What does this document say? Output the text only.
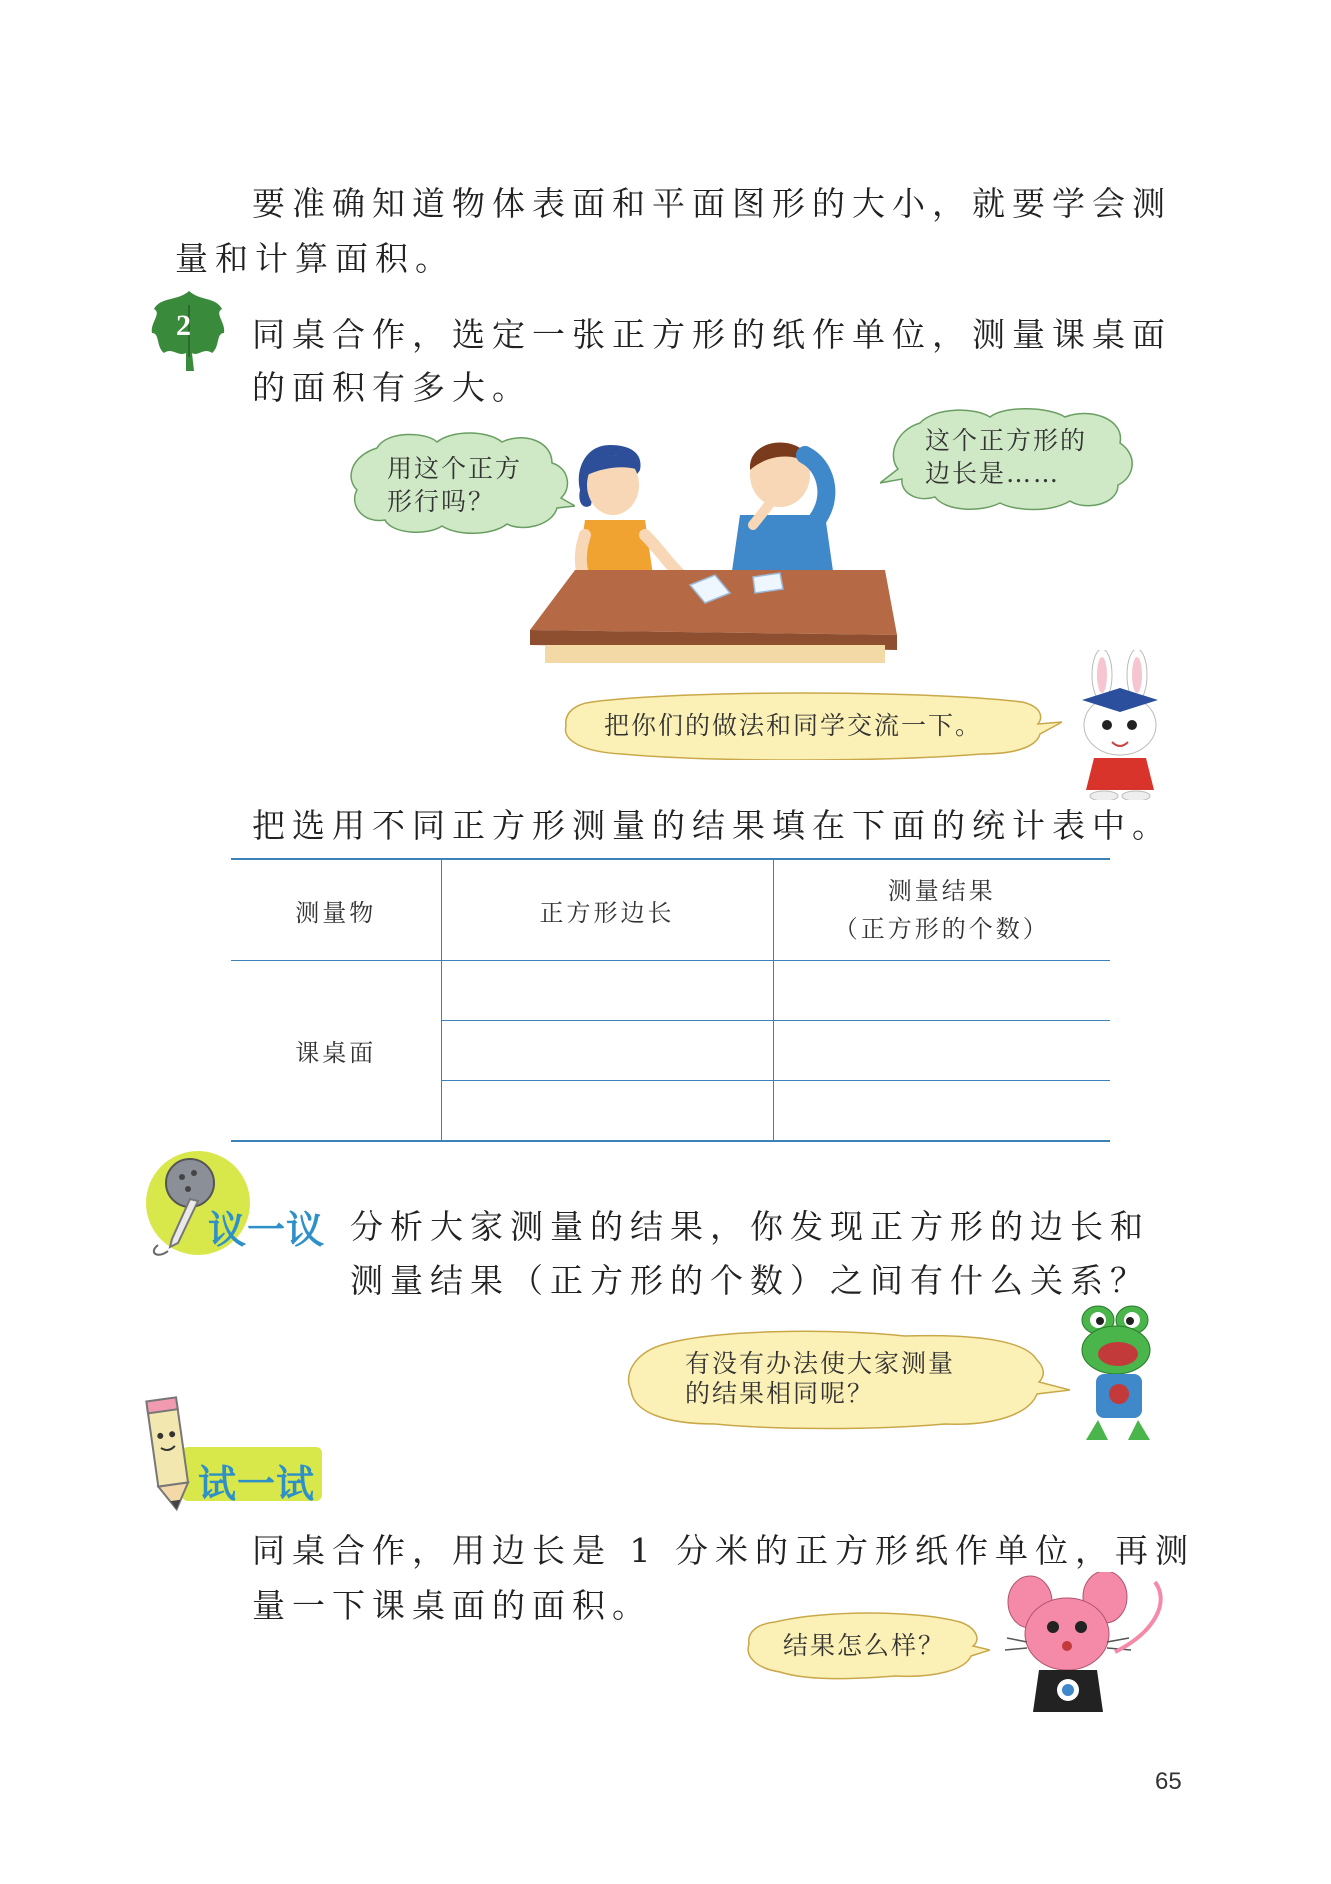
要准确知道物体表面和平面图形的大小，就要学会测
量和计算面积。
2 同桌合作，选定一张正方形的纸作单位，测量课桌面
的面积有多大。
用这个正方
形行吗？
这个正方形的
边长是……
把你们的做法和同学交流一下。
把选用不同正方形测量的结果填在下面的统计表中。
测量物	正方形边长	测量结果
（正方形的个数）

课桌面		

议一议 分析大家测量的结果，你发现正方形的边长和
测量结果（正方形的个数）之间有什么关系？
有没有办法使大家测量
的结果相同呢？
试一试
同桌合作，用边长是 1 分米的正方形纸作单位，再测
量一下课桌面的面积。
结果怎么样？
65
